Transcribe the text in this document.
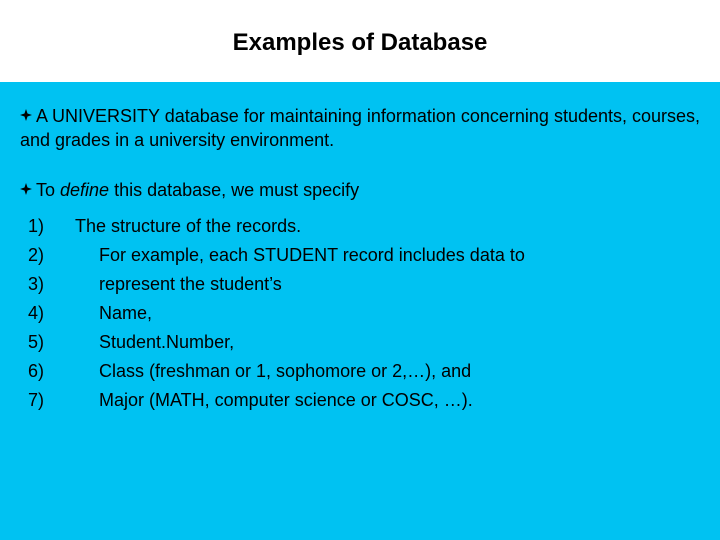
Examples of Database
A UNIVERSITY database for maintaining information concerning students, courses, and grades in a university environment.
To define this database, we must specify
1) The structure of the records.
2)	For example, each STUDENT record includes data to
3)	represent the student’s
4)	Name,
5)	Student.Number,
6)	Class (freshman or 1, sophomore or 2,…), and
7)	Major (MATH, computer science or COSC, …).
